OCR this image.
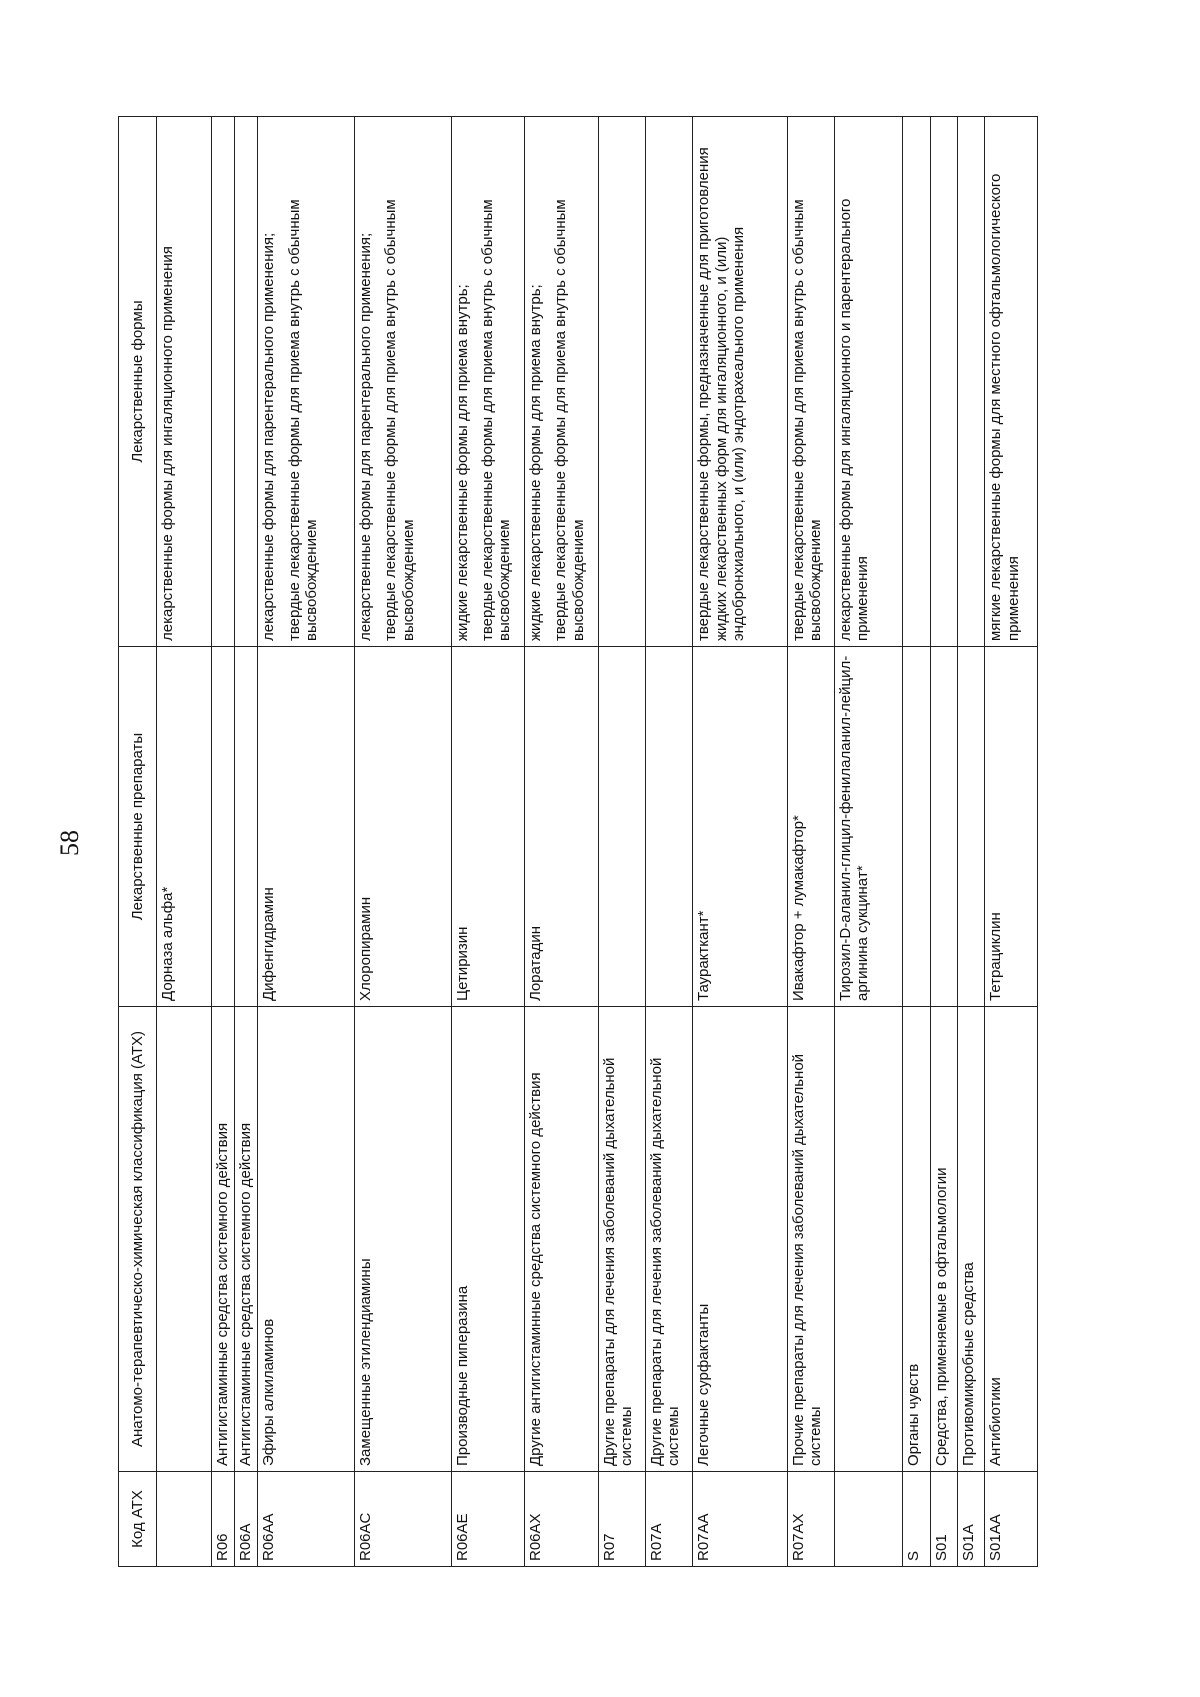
58
Код АТХ	Анатомо-терапевтическо-химическая классификация (АТХ)	Лекарственные препараты	Лекарственные формы
		Дорназа альфа*	лекарственные формы для ингаляционного применения

R06	Антигистаминные средства системного действия		
R06A	Антигистаминные средства системного действия		
R06AA	Эфиры алкиламинов	Дифенгидрамин	лекарственные формы для парентерального применения; твердые лекарственные формы для приема внутрь с обычным высвобождением

R06AC	Замещенные этилендиамины	Хлоропирамин	лекарственные формы для парентерального применения; твердые лекарственные формы для приема внутрь с обычным высвобождением

R06AE	Производные пиперазина	Цетиризин	жидкие лекарственные формы для приема внутрь; твердые лекарственные формы для приема внутрь с обычным высвобождением

R06AX	Другие антигистаминные средства системного действия	Лоратадин	жидкие лекарственные формы для приема внутрь; твердые лекарственные формы для приема внутрь с обычным высвобождением

R07	Другие препараты для лечения заболеваний дыхательной системы		
R07A	Другие препараты для лечения заболеваний дыхательной системы		
R07AA	Легочные сурфактанты	Тауракткант*	твердые лекарственные формы, предназначенные для приготовления жидких лекарственных форм для ингаляционного, и (или) эндобронхиального, и (или) эндотрахеального применения

R07AX	Прочие препараты для лечения заболеваний дыхательной системы	Ивакафтор + лумакафтор*	твердые лекарственные формы для приема внутрь с обычным высвобождением

		Тирозил-D-аланил-глицил-фенилаланил-лейцил-аргинина сукцинат*	лекарственные формы для ингаляционного и парентерального применения

S	Органы чувств		
S01	Средства, применяемые в офтальмологии		
S01A	Противомикробные средства		
S01AA	Антибиотики	Тетрациклин	мягкие лекарственные формы для местного офтальмологического применения
